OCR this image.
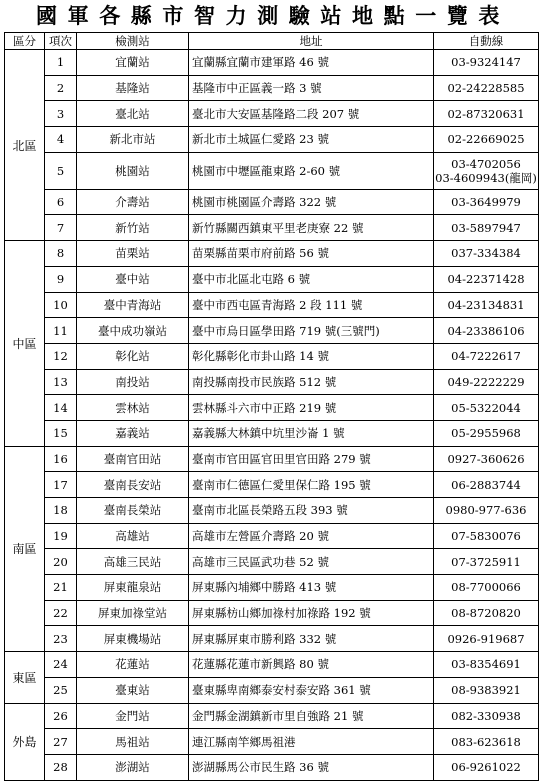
國軍各縣市智力測驗站地點一覽表
區分	項次	檢測站	地址	自動線
北區	1	宜蘭站	宜蘭縣宜蘭市建軍路 46 號	03-9324147

	2	基隆站	基隆市中正區義一路 3 號	02-24228585

	3	臺北站	臺北市大安區基隆路二段 207 號	02-87320631

	4	新北市站	新北市土城區仁愛路 23 號	02-22669025

	5	桃園站	桃園市中壢區龍東路 2-60 號	03-4702056
03-4609943(龍岡)

	6	介壽站	桃園市桃園區介壽路 322 號	03-3649979

	7	新竹站	新竹縣關西鎮東平里老庚寮 22 號	03-5897947

中區	8	苗栗站	苗栗縣苗栗市府前路 56 號	037-334384

	9	臺中站	臺中市北區北屯路 6 號	04-22371428

	10	臺中青海站	臺中市西屯區青海路 2 段 111 號	04-23134831

	11	臺中成功嶺站	臺中市烏日區學田路 719 號(三號門)	04-23386106

	12	彰化站	彰化縣彰化市卦山路 14 號	04-7222617

	13	南投站	南投縣南投市民族路 512 號	049-2222229

	14	雲林站	雲林縣斗六市中正路 219 號	05-5322044

	15	嘉義站	嘉義縣大林鎮中坑里沙崙 1 號	05-2955968

南區	16	臺南官田站	臺南市官田區官田里官田路 279 號	0927-360626

	17	臺南長安站	臺南市仁德區仁愛里保仁路 195 號	06-2883744

	18	臺南長榮站	臺南市北區長榮路五段 393 號	0980-977-636

	19	高雄站	高雄市左營區介壽路 20 號	07-5830076

	20	高雄三民站	高雄市三民區武功巷 52 號	07-3725911

	21	屏東龍泉站	屏東縣內埔鄉中勝路 413 號	08-7700066

	22	屏東加祿堂站	屏東縣枋山鄉加祿村加祿路 192 號	08-8720820

	23	屏東機場站	屏東縣屏東市勝利路 332 號	0926-919687

東區	24	花蓮站	花蓮縣花蓮市新興路 80 號	03-8354691

	25	臺東站	臺東縣卑南鄉泰安村泰安路 361 號	08-9383921

外島	26	金門站	金門縣金湖鎮新市里自強路 21 號	082-330938

	27	馬祖站	連江縣南竿鄉馬祖港	083-623618

	28	澎湖站	澎湖縣馬公市民生路 36 號	06-9261022
